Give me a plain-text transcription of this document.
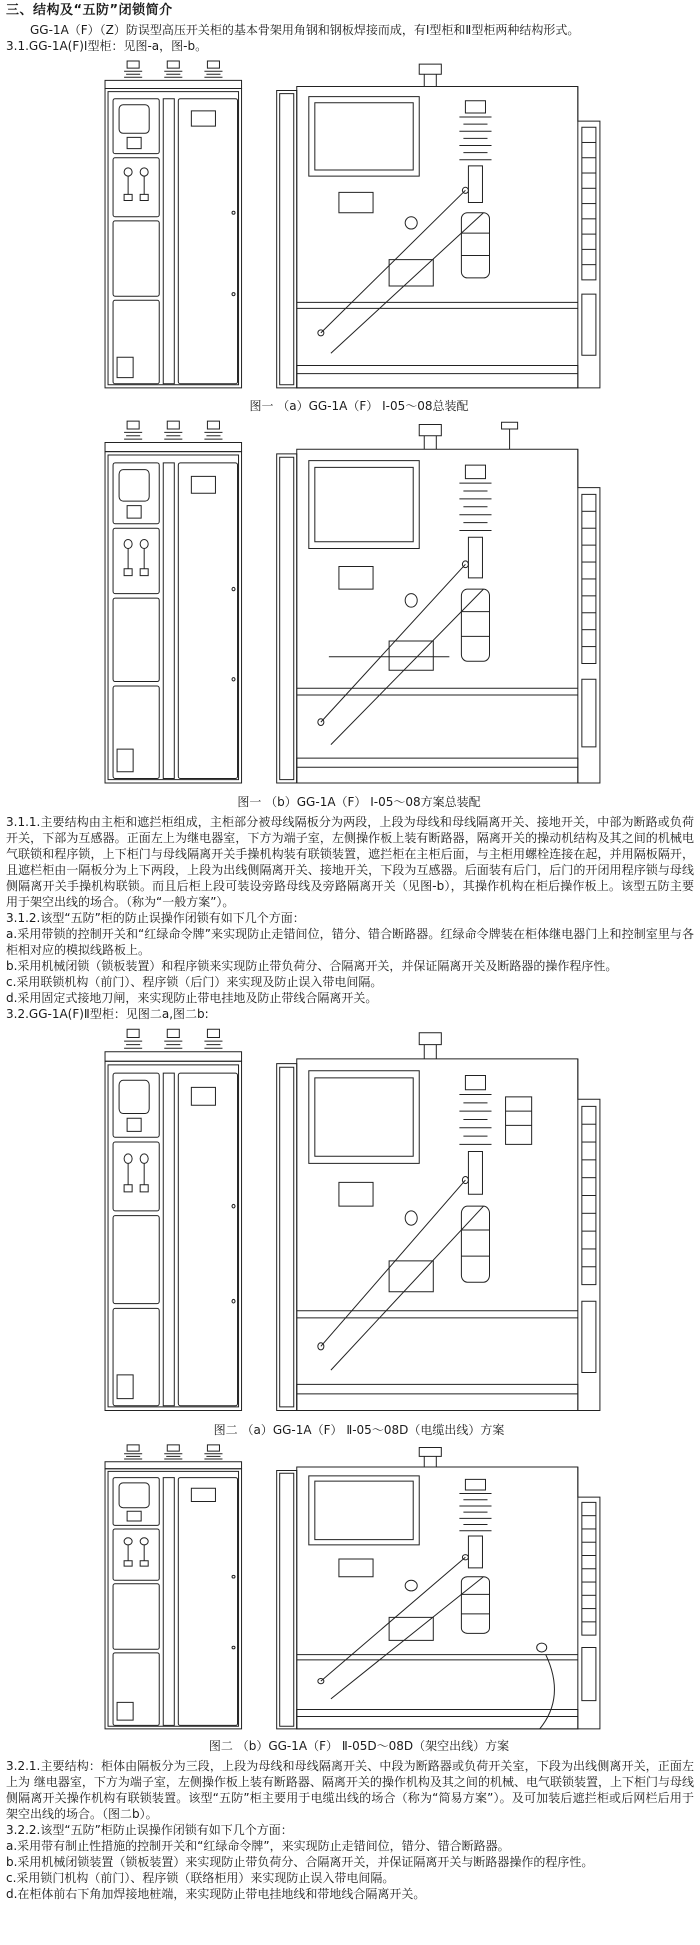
三、结构及“五防”闭锁简介

GG-1A（F）（Z）防误型高压开关柜的基本骨架用角钢和钢板焊接而成，有I型柜和Ⅱ型柜两种结构形式。

3.1.GG-1A(F)I型柜：见图-a，图-b。

图一 （a）GG-1A（F） Ⅰ-05～08总装配
图一 （b）GG-1A（F） Ⅰ-05～08方案总装配

3.1.1.主要结构由主柜和遮拦柜组成，主柜部分被母线隔板分为两段，上段为母线和母线隔离开关、接地开关，中部为断路或负荷开关，下部为互感器。正面左上为继电器室，下方为端子室，左侧操作板上装有断路器，隔离开关的操动机结构及其之间的机械电气联锁和程序锁，上下柜门与母线隔离开关手操机构装有联锁装置，遮拦柜在主柜后面，与主柜用螺栓连接在起，并用隔板隔开，且遮栏柜由一隔板分为上下两段，上段为出线侧隔离开关、接地开关，下段为互感器。后面装有后门，后门的开闭用程序锁与母线侧隔离开关手操机构联锁。而且后柜上段可装设旁路母线及旁路隔离开关（见图-b），其操作机构在柜后操作板上。该型五防主要用于架空出线的场合。（称为“一般方案”）。

3.1.2.该型“五防”柜的防止误操作闭锁有如下几个方面：

a.采用带锁的控制开关和“红绿命令牌”来实现防止走错间位，错分、错合断路器。红绿命令牌装在柜体继电器门上和控制室里与各柜相对应的模拟线路板上。

b.采用机械闭锁（锁板装置）和程序锁来实现防止带负荷分、合隔离开关，并保证隔离开关及断路器的操作程序性。

c.采用联锁机构（前门）、程序锁（后门）来实现及防止误入带电间隔。

d.采用固定式接地刀闸，来实现防止带电挂地及防止带线合隔离开关。

3.2.GG-1A(F)Ⅱ型柜：见图二a,图二b:

图二 （a）GG-1A（F） Ⅱ-05～08D（电缆出线）方案
图二 （b）GG-1A（F） Ⅱ-05D～08D（架空出线）方案

3.2.1.主要结构：柜体由隔板分为三段，上段为母线和母线隔离开关、中段为断路器或负荷开关室，下段为出线侧离开关，正面左上为 继电器室，下方为端子室，左侧操作板上装有断路器、隔离开关的操作机构及其之间的机械、电气联锁装置，上下柜门与母线侧隔离开关操作机构有联锁装置。该型“五防”柜主要用于电缆出线的场合（称为“简易方案”）。及可加装后遮拦柜或后网栏后用于架空出线的场合。（图二b）。

3.2.2.该型“五防”柜防止误操作闭锁有如下几个方面：

a.采用带有制止性措施的控制开关和“红绿命令牌”，来实现防止走错间位，错分、错合断路器。

b.采用机械闭锁装置（锁板装置）来实现防止带负荷分、合隔离开关，并保证隔离开关与断路器操作的程序性。

c.采用锁门机构（前门）、程序锁（联络柜用）来实现防止误入带电间隔。

d.在柜体前右下角加焊接地桩端，来实现防止带电挂地线和带地线合隔离开关。
